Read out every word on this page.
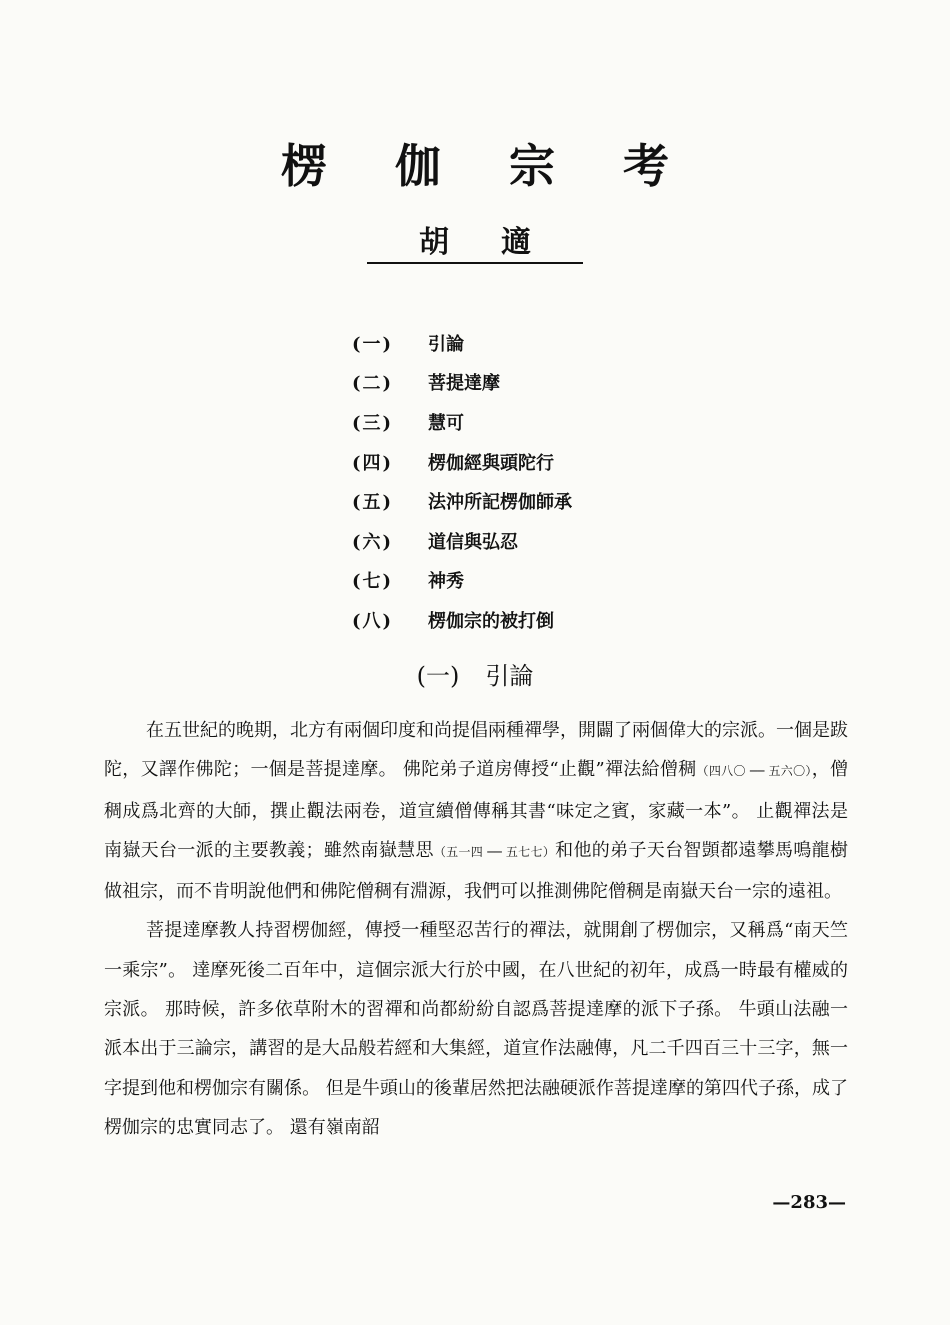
楞伽宗考
胡適
(一)	引論
(二)	菩提達摩
(三)	慧可
(四)	楞伽經與頭陀行
(五)	法沖所記楞伽師承
(六)	道信與弘忍
(七)	神秀
(八)	楞伽宗的被打倒
(一) 引論

在五世紀的晚期，北方有兩個印度和尚提倡兩種禪學，開闢了兩個偉大的宗派。一個是跋陀，又譯作佛陀；一個是菩提達摩。 佛陀弟子道房傳授“止觀”禪法給僧稠（四八〇 ── 五六〇），僧稠成爲北齊的大師，撰止觀法兩卷，道宣續僧傳稱其書“味定之賓，家藏一本”。 止觀禪法是南嶽天台一派的主要教義；雖然南嶽慧思（五一四 ── 五七七）和他的弟子天台智顗都遠攀馬鳴龍樹做祖宗，而不肯明說他們和佛陀僧稠有淵源，我們可以推測佛陀僧稠是南嶽天台一宗的遠祖。

菩提達摩教人持習楞伽經，傳授一種堅忍苦行的禪法，就開創了楞伽宗，又稱爲“南天竺一乘宗”。 達摩死後二百年中，這個宗派大行於中國，在八世紀的初年，成爲一時最有權威的宗派。 那時候，許多依草附木的習禪和尚都紛紛自認爲菩提達摩的派下子孫。 牛頭山法融一派本出于三論宗，講習的是大品般若經和大集經，道宣作法融傳，凡二千四百三十三字，無一字提到他和楞伽宗有關係。 但是牛頭山的後輩居然把法融硬派作菩提達摩的第四代子孫，成了楞伽宗的忠實同志了。 還有嶺南韶

—283—
